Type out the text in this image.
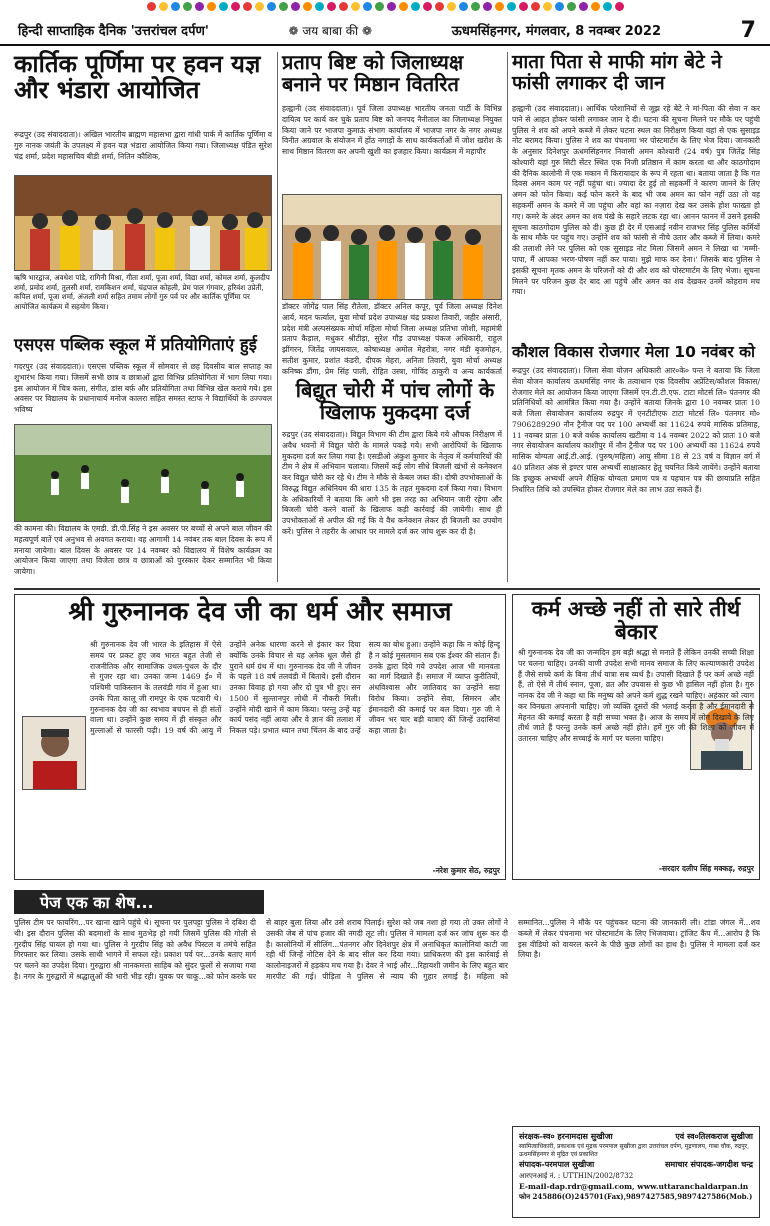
हिन्दी साप्ताहिक दैनिक 'उत्तरांचल दर्पण'	❁ जय बाबा की ❁	ऊधमसिंहनगर, मंगलवार, 8 नवम्बर 2022	7
कार्तिक पूर्णिमा पर हवन यज्ञ और भंडारा आयोजित
रूद्रपुर (उद संवाददाता)। अखिल भारतीय ब्राह्मण महासभा द्वारा गांधी पार्क में कार्तिक पूर्णिमा व गुरु नानक जयंती के उपलक्ष्य में हवन यज्ञ भंडारा आयोजित किया गया। जिलाध्यक्ष पंडित सुरेश चंद्र शर्मा, प्रदेश महासचिव बीडी शर्मा, नितिन कौशिक,
ऋषि भारद्वाज, अवधेश पांडे, रागिनी मिश्रा, गीता शर्मा, पूजा शर्मा, विद्या शर्मा, कोमल शर्मा, कुलदीप शर्मा, प्रमोद शर्मा, तुलसी शर्मा, रामकिशन शर्मा, चंद्रपाल कोहली, प्रेम पाल गंगवार, हरिवंश उप्रेती, कपिल शर्मा, पूजा शर्मा, अंजली शर्मा सहित तमाम लोगों गुरु पर्व पर और कार्तिक पूर्णिमा पर आयोजित कार्यक्रम में सहयोग किया।
एसएस पब्लिक स्कूल में प्रतियोगिताएं हुई
गदरपुर (उद संवाददाता)। एसएस पब्लिक स्कूल में सोमवार से छह दिवसीय बाल सप्ताह का शुभारंभ किया गया। जिसमें सभी छात्र व छात्राओं द्वारा विभिन्न प्रतियोगिता में भाग लिया गया। इस आयोजन में चित्र कला, संगीत, डांस बर्फ़ और प्रतियोगिता तथा विभिन्न खेल कराये गये। इस अवसर पर विद्यालय के प्रधानाचार्य मनोज कालरा सहित समस्त स्टाफ ने विद्यार्थियों के उज्ज्वल भविष्य
की कामना की। विद्यालय के एमडी. डी.पी.सिंह ने इस अवसर पर बच्चों से अपने बाल जीवन की महत्वपूर्ण बातें एवं अनुभव से अवगत कराया। वह आगामी 14 नवंबर तक बाल दिवस के रूप में मनाया जायेगा। बाल दिवस के अवसर पर 14 नवम्बर को विद्यालय में विशेष कार्यक्रम का आयोजन किया जाएगा तथा विजेता छात्र व छात्राओं को पुरस्कार देकर सम्मानित भी किया जायेगा।
प्रताप बिष्ट को जिलाध्यक्ष बनाने पर मिष्ठान वितरित
हल्द्वानी (उद संवाददाता)। पूर्व जिला उपाध्यक्ष भारतीय जनता पार्टी के विभिन्न दायित्व पर कार्य कर चुके प्रताप बिष्ट को जनपद नैनीताल का जिलाध्यक्ष नियुक्त किया जाने पर भाजपा कुमाऊं संभाग कार्यालय में भाजपा नगर के नगर अध्यक्ष विनीत अग्रवाल के संयोजन में होंठ नगाड़ों के साथ कार्यकर्ताओं में जोश खरोश के साथ मिष्ठान वितरण कर अपनी खुशी का इजहार किया। कार्यक्रम में महापौर
डॉक्टर जोगेंद्र पाल सिंह रौतेला, डॉक्टर अनिल कपूर, पूर्व जिला अध्यक्ष दिनेश आर्य, मदन फर्त्याल, युवा मोर्चा प्रदेश उपाध्यक्ष चंद्र प्रकाश तिवारी, जहीर अंसारी, प्रदेश मंत्री अल्पसंख्यक मोर्चा महिला मोर्चा जिला अध्यक्ष प्रतिभा जोशी, महामंत्री प्रताप कैड़ाल, मधुकर श्रीटीड़ा, सुरेश गौड़ उपाध्यक्ष पंकज अधिकारी, राहुल झींगरन, जितेंद्र जायसवाल, कोषाध्यक्ष अमोल मेहरोत्रा, नगर मंडी बृजमोहन, सतीश कुमार, प्रशांत कंडरी, दीपक मेहरा, अनिता तिवारी, युवा मोर्चा अध्यक्ष कनिष्क डौंगा, प्रेम सिंह पाली, रोहित उस्त्रा, गोविंद ठाकुरी व अन्य कार्यकर्ता
बिद्युत चोरी में पांच लोगों के खिलाफ मुकदमा दर्ज
रुद्रपुर (उद संवाददाता)। विद्युत विभाग की टीम द्वारा किये गये औचक निरीक्षण में अवैध भवनों में विद्युत चोरी के मामले पकड़े गये। सभी आरोपियों के खिलाफ मुकदमा दर्ज कर लिया गया है। एसडीओ अंकुश कुमार के नेतृत्व में कर्मचारियों की टीम ने क्षेत्र में अभियान चलाया। जिसमें कई लोग सीधे बिजली खंभों से कनेक्शन कर विद्युत चोरी कर रहे थे। टीम ने मौके से केबल जब्त की। दोषी उपभोक्ताओं के विरुद्ध विद्युत अधिनियम की धारा 135 के तहत मुकदमा दर्ज किया गया। विभाग के अधिकारियों ने बताया कि आगे भी इस तरह का अभियान जारी रहेगा और बिजली चोरी करने वालों के खिलाफ कड़ी कार्रवाई की जायेगी। साथ ही उपभोक्ताओं से अपील की गई कि वे वैध कनेक्शन लेकर ही बिजली का उपयोग करें। पुलिस ने तहरीर के आधार पर मामले दर्ज कर जांच शुरू कर दी है।
माता पिता से माफी मांग बेटे ने फांसी लगाकर दी जान
हल्द्वानी (उद संवाददाता)। आर्थिक परेशानियों से जूझ रहे बेटे ने मां-पिता की सेवा न कर पाने से आहत होकर फांसी लगाकर जान दे दी। घटना की सूचना मिलने पर मौके पर पहुंची पुलिस ने शव को अपने कब्जे में लेकर घटना स्थल का निरीक्षण किया वहां से एक सुसाइड नोट बरामद किया। पुलिस ने शव का पंचनामा भर पोस्टमार्टम के लिए भेज दिया। जानकारी के अनुसार दिनेशपुर ऊधमसिंहनगर निवासी अमन कोश्यारी (24 वर्ष) पुत्र जितेंद्र सिंह कोश्यारी यहां गुरु सिटी सेंटर स्थित एक निजी प्रतिष्ठान में काम करता था और काठगोदाम की दैनिक कालोनी में एक मकान में किरायादार के रूप में रहता था। बताया जाता है कि गत दिवस अमन काम पर नहीं पहुंचा था। ज्यादा देर हुई तो सहकर्मी ने कारण जानने के लिए अमन को फोन किया। कई फोन करने के बाद भी जब अमन का फोन नहीं उठा तो वह सहकर्मी अमन के कमरे में जा पहुंचा और वहां का नज़ारा देख कर उसके होश फाख्ता हो गए। कमरे के अंदर अमन का शव पंखे के सहारे लटक रहा था। आनन फानन में उसने इसकी सूचना काठगोदाम पुलिस को दी। कुछ ही देर में एसआई नवीन राजभर सिंह पुलिस कर्मियों के साथ मौके पर पहुंच गए। उन्होंने शव को फांसी से नीचे उतार और कब्जे में लिया। कमरे की तलाशी लेने पर पुलिस को एक सुसाइड नोट मिला जिसमें अमन ने लिखा था 'मम्मी-पापा, मैं आपका भरण-पोषण नहीं कर पाया। मुझे माफ कर देना।' जिसके बाद पुलिस ने इसकी सूचना मृतक अमन के परिजनों को दी और शव को पोस्टमार्टम के लिए भेजा। सूचना मिलने पर परिजन कुछ देर बाद आ पहुंचे और अमन का शव देखकर उनमें कोहराम मच गया।
कौशल विकास रोजगार मेला 10 नवंबर को
रूद्रपुर (उद संवाददाता)। जिला सेवा योजन अधिकारी आर०के० पन्त ने बताया कि जिला सेवा योजन कार्यालय ऊधमसिंह नगर के तत्वाधान एक दिवसीय अप्रेंटिस/कौशल विकास/रोजगार मेले का आयोजन किया जाएगा जिसमें एन.टी.टी.एफ. टाटा मोटर्स लि० पंतनगर की प्रतिनिधियों को आमंत्रित किया गया है। उन्होंने बताया जिनके द्वारा 10 नवम्बर प्रातः 10 बजे जिला सेवायोजन कार्यालय रुद्रपुर में एनटीटीएफ टाटा मोटर्स लि० पंतनगर मो० 7906289290 नौन ट्रैनीज पद पर 100 अभ्यर्थी का 11624 रुपये मासिक प्रतिमाह, 11 नवम्बर प्रातः 10 बजे वर्धक कार्यालय खटीमा व 14 नवम्बर 2022 को प्रातः 10 बजे नगर सेवायोजन कार्यालय काशीपुर में नौन ट्रैनीज पद पर 100 अभ्यर्थी का 11624 रुपये मासिक योग्यता आई.टी.आई. (पुरुष/महिला) आयु सीमा 18 से 23 वर्ष व विज्ञान वर्ग में 40 प्रतिशत अंक से इण्टर पास अभ्यर्थी साक्षात्कार हेतु चयनित किये जायेंगे। उन्होंने बताया कि इच्छुक अभ्यर्थी अपने शैक्षिक योग्यता प्रमाण पत्र व पहचान पत्र की छायाप्रति सहित निर्धारित तिथि को उपस्थित होकर रोजगार मेले का लाभ उठा सकते हैं।
श्री गुरुनानक देव जी का धर्म और समाज
श्री गुरुनानक देव जी भारत के इतिहास में ऐसे समय पर प्रकट हुए जब भारत बहुत तेजी से राजनीतिक और सामाजिक उथल-पुथल के दौर से गुजर रहा था। उनका जन्म 1469 ई० में पश्चिमी पाकिस्तान के तलवंडी गांव में हुआ था। उनके पिता कालू जी रामपुर के एक पटवारी थे। गुरुनानक देव जी का स्वभाव बचपन से ही संतों वाला था। उन्होंने कुछ समय में ही संस्कृत और मुल्लाओं से फारसी पढ़ी। 19 वर्ष की आयु में उन्होंने अनेक धारणा करने से इंकार कर दिया क्योंकि उनके विचार से यह अनेक धूल जैसे ही पुराने धर्म ग्रंथ में था। गुरुनानक देव जी ने जीवन के पहले 18 वर्ष तलवंडी में बिताये। इसी दौरान उनका विवाह हो गया और दो पुत्र भी हुए। सन 1500 में सुल्तानपुर लोधी में नौकरी मिली। उन्होंने मोदी खाने में काम किया। परन्तु उन्हें यह कार्य पसंद नहीं आया और वे ज्ञान की तलाश में निकल पड़े। प्रभात ध्यान तथा चिंतन के बाद उन्हें सत्य का बोध हुआ। उन्होंने कहा कि न कोई हिन्दू है न कोई मुसलमान सब एक ईश्वर की संतान हैं। उनके द्वारा दिये गये उपदेश आज भी मानवता का मार्ग दिखाते हैं। समाज में व्याप्त कुरीतियों, अंधविश्वास और जातिवाद का उन्होंने सदा विरोध किया। उन्होंने सेवा, सिमरन और ईमानदारी की कमाई पर बल दिया। गुरु जी ने जीवन भर चार बड़ी यात्राएं कीं जिन्हें उदासियां कहा जाता है।
-नरेश कुमार सेठ, रुद्रपुर
कर्म अच्छे नहीं तो सारे तीर्थ बेकार
श्री गुरुनानक देव जी का जन्मदिन हम बड़ी श्रद्धा से मनाते हैं लेकिन उनकी सच्ची शिक्षा पर चलना चाहिए। उनकी वाणी उपदेश सभी मानव समाज के लिए कल्याणकारी उपदेश हैं जैसे सच्चे कर्म के बिना तीर्थ यात्रा सब व्यर्थ है। उपासी दिखाते हैं पर कर्म अच्छे नहीं हैं, तो ऐसे में तीर्थ स्नान, पूजा, व्रत और उपवास से कुछ भी हासिल नहीं होता है। गुरु नानक देव जी ने कहा था कि मनुष्य को अपने कर्म शुद्ध रखने चाहिए। अहंकार को त्याग कर विनम्रता अपनानी चाहिए। जो व्यक्ति दूसरों की भलाई करता है और ईमानदारी से मेहनत की कमाई करता है वही सच्चा भक्त है। आज के समय में लोग दिखावे के लिए तीर्थ जाते हैं परन्तु उनके कर्म अच्छे नहीं होते। हमें गुरु जी की शिक्षा को जीवन में उतारना चाहिए और सच्चाई के मार्ग पर चलना चाहिए।
-सरदार दलीप सिंह मक्कड़, रुद्रपुर
पेज एक का शेष...
पुलिस टीम पर फायरिंग...पर खाना खाने पहुंचे थे। सूचना पर पुलपट्टा पुलिस ने दबिश दी थी। इस दौरान पुलिस की बदमाशों के साथ मुठभेड़ हो गयी जिसमें पुलिस की गोली से गुरदीप सिंह घायल हो गया था। पुलिस ने गुरदीप सिंह को अवैध पिस्टल व तमंचे सहित गिरफ्तार कर लिया। उसके साथी भागने में सफल रहे। प्रकाश पर्व पर...उनके बताए मार्ग पर चलने का उपदेश दिया। गुरुद्वारा श्री नानकमत्ता साहिब को सुंदर फूलों से सजाया गया है। नगर के गुरुद्वारों में श्रद्धालुओं की भारी भीड़ रही। युवक पर चाकू...को फोन करके घर से बाहर बुला लिया और उसे शराब पिलाई। सुरेश को जब नशा हो गया तो उक्त लोगों ने उसकी जेब से पांच हजार की नगदी लूट ली। पुलिस ने मामला दर्ज कर जांच शुरू कर दी है। कालोनियों में सीलिंग...पंतनगर और दिनेशपुर क्षेत्र में अनाधिकृत कालोनियां काटी जा रही थीं जिन्हें नोटिस देने के बाद सील कर दिया गया। प्राधिकरण की इस कार्रवाई से कालोनाइजरों में हड़कंप मच गया है। देवर ने भाई और...रिहायशी जमीन के लिए बहुत बार मारपीट की गई। पीड़िता ने पुलिस से न्याय की गुहार लगाई है। महिला को सम्मानित...पुलिस ने मौके पर पहुंचकर घटना की जानकारी ली। टांडा जंगल में...शव कब्जे में लेकर पंचनामा भर पोस्टमार्टम के लिए भिजवाया। ट्रांजिट कैंप में...आरोप है कि इस वीडियो को वायरल करने के पीछे कुछ लोगों का हाथ है। पुलिस ने मामला दर्ज कर लिया है।
संरक्षक-स्व० हरनामदास सुखीजा	एवं स्व०तिलकराज सुखीजा
स्वामित्वाधिकारी, प्रकाशक एवं मुद्रक परमपाल सुखीजा द्वारा उत्तरांचल दर्पण, मुद्रणालय, गाबा चौक, रुद्रपुर, ऊधमसिंहनगर से मुद्रित एवं प्रकाशित
संपादक-परमपाल सुखीजा	समाचार संपादक-जगदीश चन्द्र
आरएनआई नं. : UTTHIN/2002/8732
E-mail-dap.rdr@gmail.com, www.uttaranchaldarpan.in
फोन 245886(O)245701(Fax),9897427585,9897427586(Mob.)
